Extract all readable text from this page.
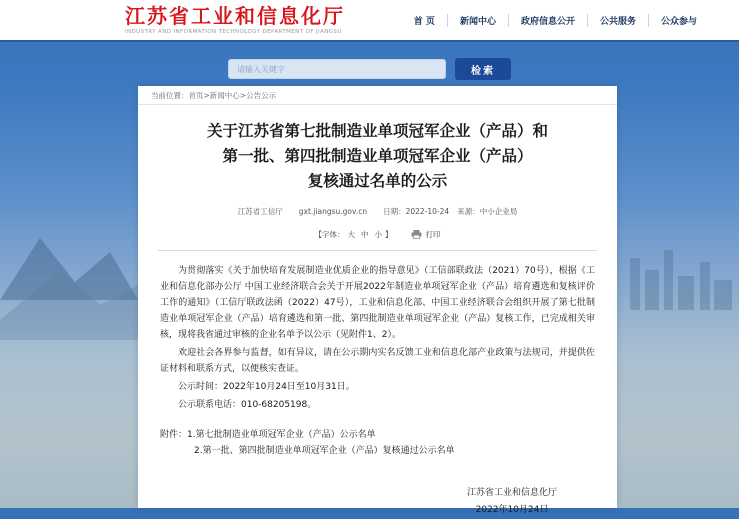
江苏省工业和信息化厅
INDUSTRY AND INFORMATION TECHNOLOGY DEPARTMENT OF JIANGSU
首 页	新闻中心	政府信息公开	公共服务	公众参与
请输入关键字
检索
当前位置： 首页>新闻中心>公告公示
关于江苏省第七批制造业单项冠军企业（产品）和
第一批、第四批制造业单项冠军企业（产品）
复核通过名单的公示
江苏省工信厅 gxt.jiangsu.gov.cn 日期： 2022-10-24 来源： 中小企业局
【字体： 大 中 小 】	打印

为贯彻落实《关于加快培育发展制造业优质企业的指导意见》（工信部联政法（2021）70号），根据《工业和信息化部办公厅 中国工业经济联合会关于开展2022年制造业单项冠军企业（产品）培育遴选和复核评价工作的通知》（工信厅联政法函（2022）47号），工业和信息化部、中国工业经济联合会组织开展了第七批制造业单项冠军企业（产品）培育遴选和第一批、第四批制造业单项冠军企业（产品）复核工作，已完成相关审核，现将我省通过审核的企业名单予以公示（见附件1、2）。

欢迎社会各界参与监督，如有异议，请在公示期内实名反馈工业和信息化部产业政策与法规司，并提供佐证材料和联系方式，以便核实查证。

公示时间：2022年10月24日至10月31日。

公示联系电话：010-68205198。

附件： 1.第七批制造业单项冠军企业（产品）公示名单
2.第一批、第四批制造业单项冠军企业（产品）复核通过公示名单
江苏省工业和信息化厅
2022年10月24日
